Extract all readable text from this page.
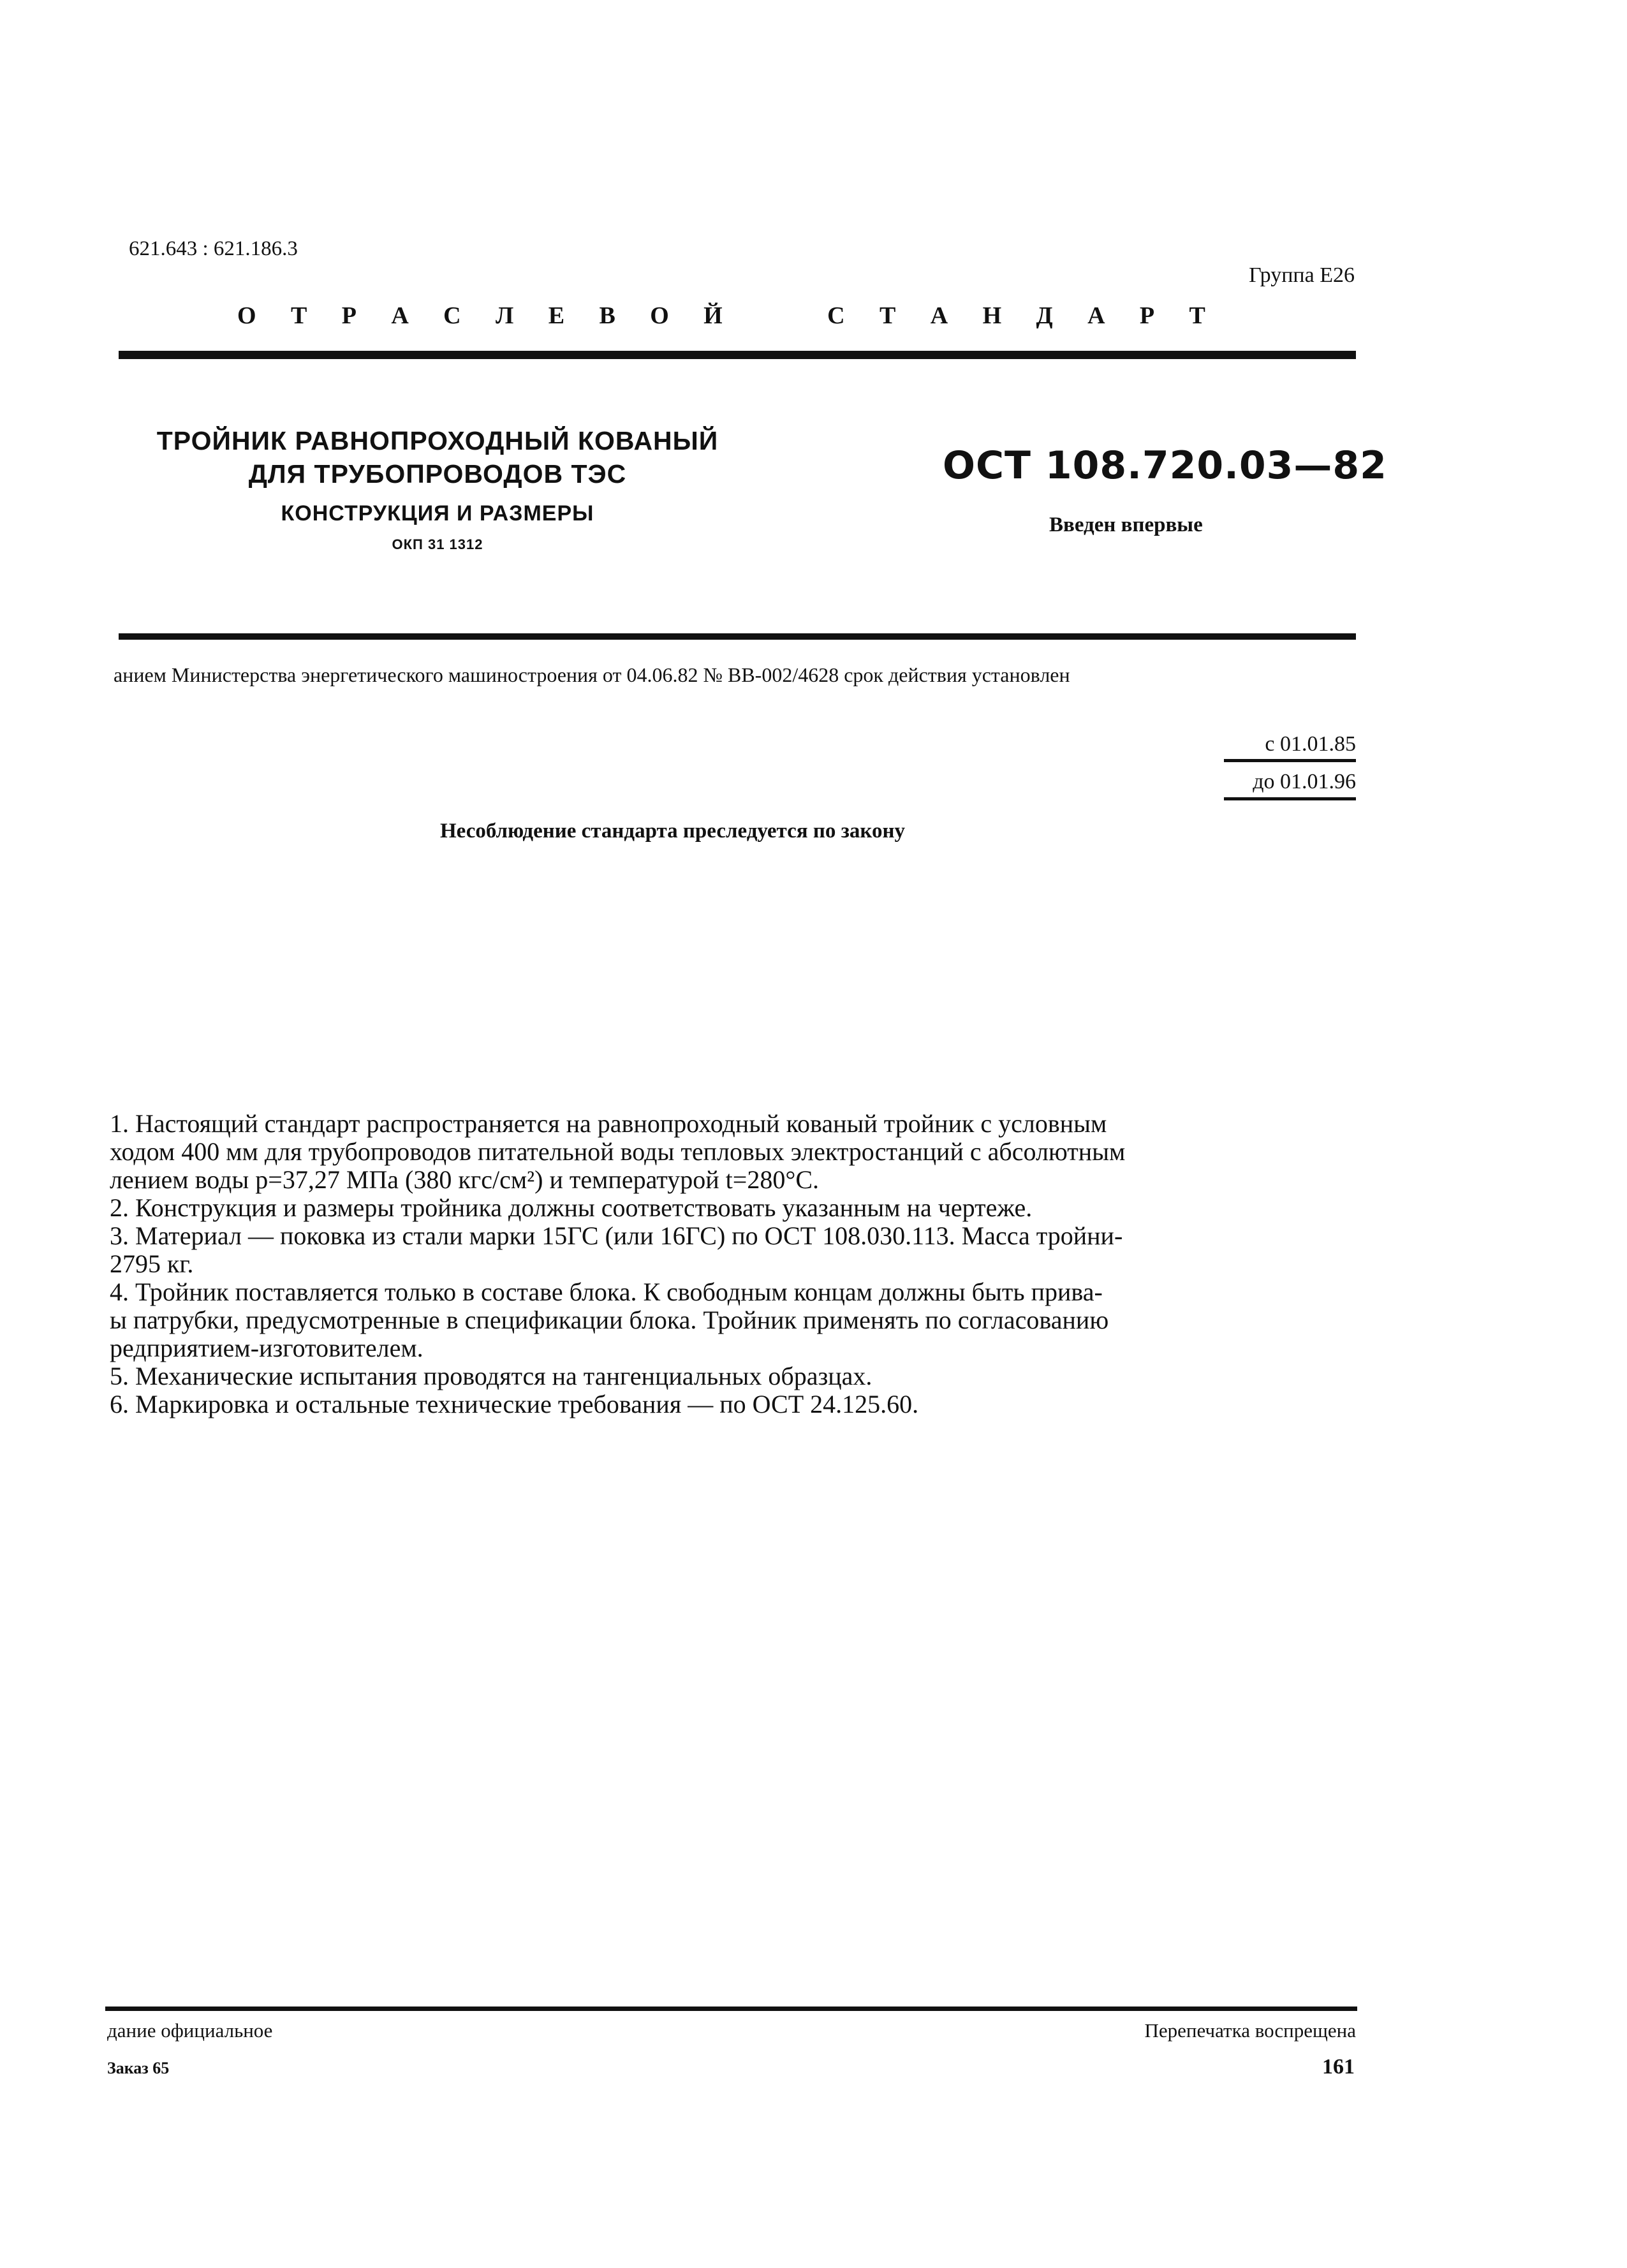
621.643 : 621.186.3
Группа Е26
О Т Р А С Л Е В О Й	С Т А Н Д А Р Т
ТРОЙНИК РАВНОПРОХОДНЫЙ КОВАНЫЙ
ДЛЯ ТРУБОПРОВОДОВ ТЭС
КОНСТРУКЦИЯ И РАЗМЕРЫ
ОКП 31 1312
ОСТ 108.720.03—82
Введен впервые
анием Министерства энергетического машиностроения от 04.06.82 № ВВ-002/4628 срок действия установлен
с 01.01.85
до 01.01.96
Несоблюдение стандарта преследуется по закону

1. Настоящий стандарт распространяется на равнопроходный кованый тройник с условным

ходом 400 мм для трубопроводов питательной воды тепловых электростанций с абсолютным

лением воды p=37,27 МПа (380 кгс/см²) и температурой t=280°С.

2. Конструкция и размеры тройника должны соответствовать указанным на чертеже.

3. Материал — поковка из стали марки 15ГС (или 16ГС) по ОСТ 108.030.113. Масса тройни-

2795 кг.

4. Тройник поставляется только в составе блока. К свободным концам должны быть прива-

ы патрубки, предусмотренные в спецификации блока. Тройник применять по согласованию

редприятием-изготовителем.

5. Механические испытания проводятся на тангенциальных образцах.

6. Маркировка и остальные технические требования — по ОСТ 24.125.60.

дание официальное	Перепечатка воспрещена
Заказ 65	161
